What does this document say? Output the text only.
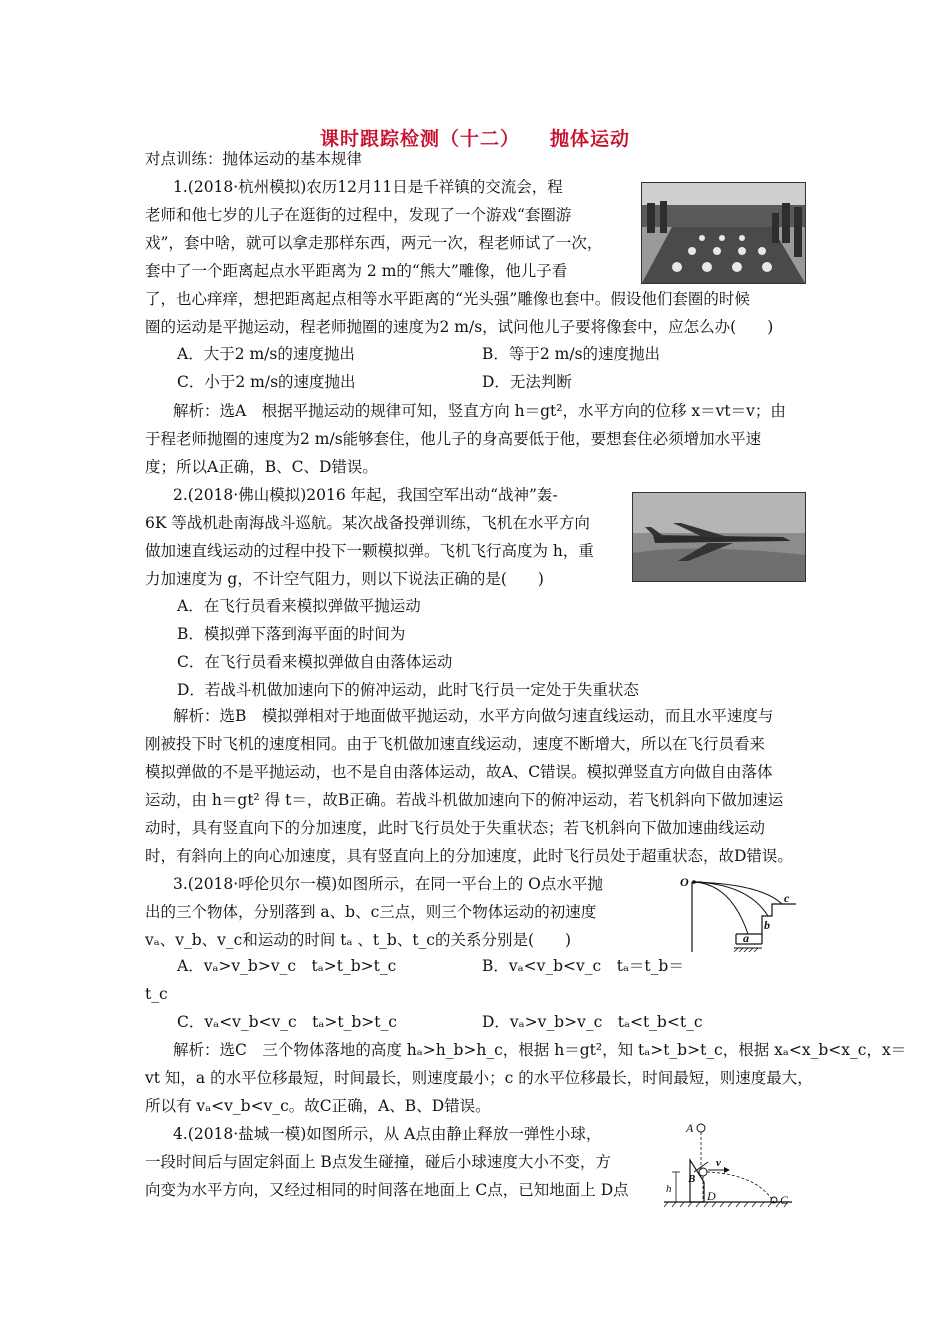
课时跟踪检测（十二） 抛体运动
对点训练：抛体运动的基本规律
1.(2018·杭州模拟)农历12月11日是千祥镇的交流会，程
老师和他七岁的儿子在逛街的过程中，发现了一个游戏“套圈游
戏”，套中啥，就可以拿走那样东西，两元一次，程老师试了一次，
套中了一个距离起点水平距离为 2 m的“熊大”雕像，他儿子看
了，也心痒痒，想把距离起点相等水平距离的“光头强”雕像也套中。假设他们套圈的时候
圈的运动是平抛运动，程老师抛圈的速度为2 m/s，试问他儿子要将像套中，应怎么办(　　)
A．大于2 m/s的速度抛出	B．等于2 m/s的速度抛出
C．小于2 m/s的速度抛出	D．无法判断
解析：选A　根据平抛运动的规律可知，竖直方向 h＝gt²，水平方向的位移 x＝vt＝v；由
于程老师抛圈的速度为2 m/s能够套住，他儿子的身高要低于他，要想套住必须增加水平速
度；所以A正确，B、C、D错误。
2.(2018·佛山模拟)2016 年起，我国空军出动“战神”轰-
6K 等战机赴南海战斗巡航。某次战备投弹训练，飞机在水平方向
做加速直线运动的过程中投下一颗模拟弹。飞机飞行高度为 h，重
力加速度为 g，不计空气阻力，则以下说法正确的是(　　)
A．在飞行员看来模拟弹做平抛运动
B．模拟弹下落到海平面的时间为
C．在飞行员看来模拟弹做自由落体运动
D．若战斗机做加速向下的俯冲运动，此时飞行员一定处于失重状态
解析：选B　模拟弹相对于地面做平抛运动，水平方向做匀速直线运动，而且水平速度与
刚被投下时飞机的速度相同。由于飞机做加速直线运动，速度不断增大，所以在飞行员看来
模拟弹做的不是平抛运动，也不是自由落体运动，故A、C错误。模拟弹竖直方向做自由落体
运动，由 h＝gt² 得 t＝，故B正确。若战斗机做加速向下的俯冲运动，若飞机斜向下做加速运
动时，具有竖直向下的分加速度，此时飞行员处于失重状态；若飞机斜向下做加速曲线运动
时，有斜向上的向心加速度，具有竖直向上的分加速度，此时飞行员处于超重状态，故D错误。
3.(2018·呼伦贝尔一模)如图所示，在同一平台上的 O点水平抛
出的三个物体，分别落到 a、b、c三点，则三个物体运动的初速度
vₐ、v_b、v_c和运动的时间 tₐ 、t_b、t_c的关系分别是(　　)
O
a
b
c
A．vₐ>v_b>v_c　tₐ>t_b>t_c	B．vₐ<v_b<v_c　tₐ＝t_b＝
t_c
C．vₐ<v_b<v_c　tₐ>t_b>t_c	D．vₐ>v_b>v_c　tₐ<t_b<t_c
解析：选C　三个物体落地的高度 hₐ>h_b>h_c，根据 h＝gt²，知 tₐ>t_b>t_c，根据 xₐ<x_b<x_c，x＝
vt 知，a 的水平位移最短，时间最长，则速度最小；c 的水平位移最长，时间最短，则速度最大，
所以有 vₐ<v_b<v_c。故C正确，A、B、D错误。
4.(2018·盐城一模)如图所示，从 A点由静止释放一弹性小球，
一段时间后与固定斜面上 B点发生碰撞，碰后小球速度大小不变，方
向变为水平方向，又经过相同的时间落在地面上 C点，已知地面上 D点
A
B
C
D
h
v
